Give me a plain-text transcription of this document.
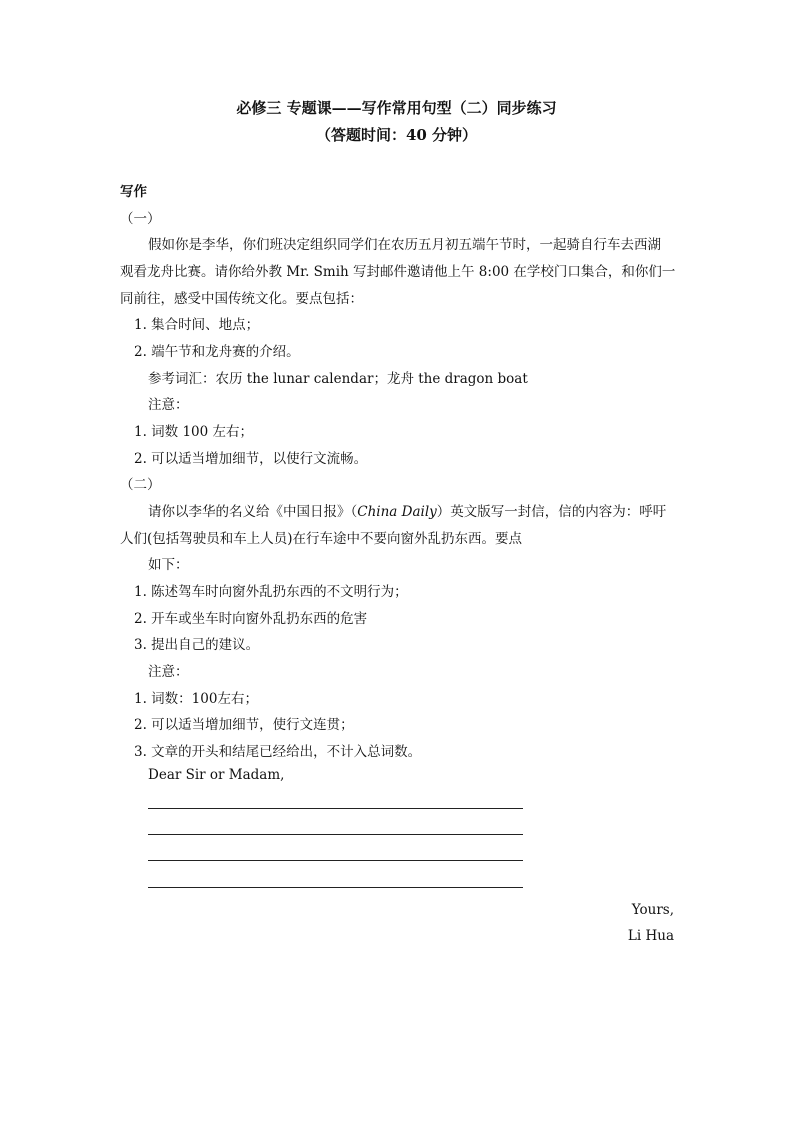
必修三 专题课——写作常用句型（二）同步练习
（答题时间：40 分钟）
写作
（一）
假如你是李华，你们班决定组织同学们在农历五月初五端午节时，一起骑自行车去西湖
观看龙舟比赛。请你给外教 Mr. Smih 写封邮件邀请他上午 8:00 在学校门口集合，和你们一
同前往，感受中国传统文化。要点包括：
1. 集合时间、地点；
2. 端午节和龙舟赛的介绍。
参考词汇：农历 the lunar calendar；龙舟 the dragon boat
注意：
1. 词数 100 左右；
2. 可以适当增加细节，以使行文流畅。
（二）
请你以李华的名义给《中国日报》（China Daily）英文版写一封信，信的内容为：呼吁
人们(包括驾驶员和车上人员)在行车途中不要向窗外乱扔东西。要点
如下：
1. 陈述驾车时向窗外乱扔东西的不文明行为；
2. 开车或坐车时向窗外乱扔东西的危害
3. 提出自己的建议。
注意：
1. 词数：100左右；
2. 可以适当增加细节，使行文连贯；
3. 文章的开头和结尾已经给出，不计入总词数。
Dear Sir or Madam,
Yours,
Li Hua
